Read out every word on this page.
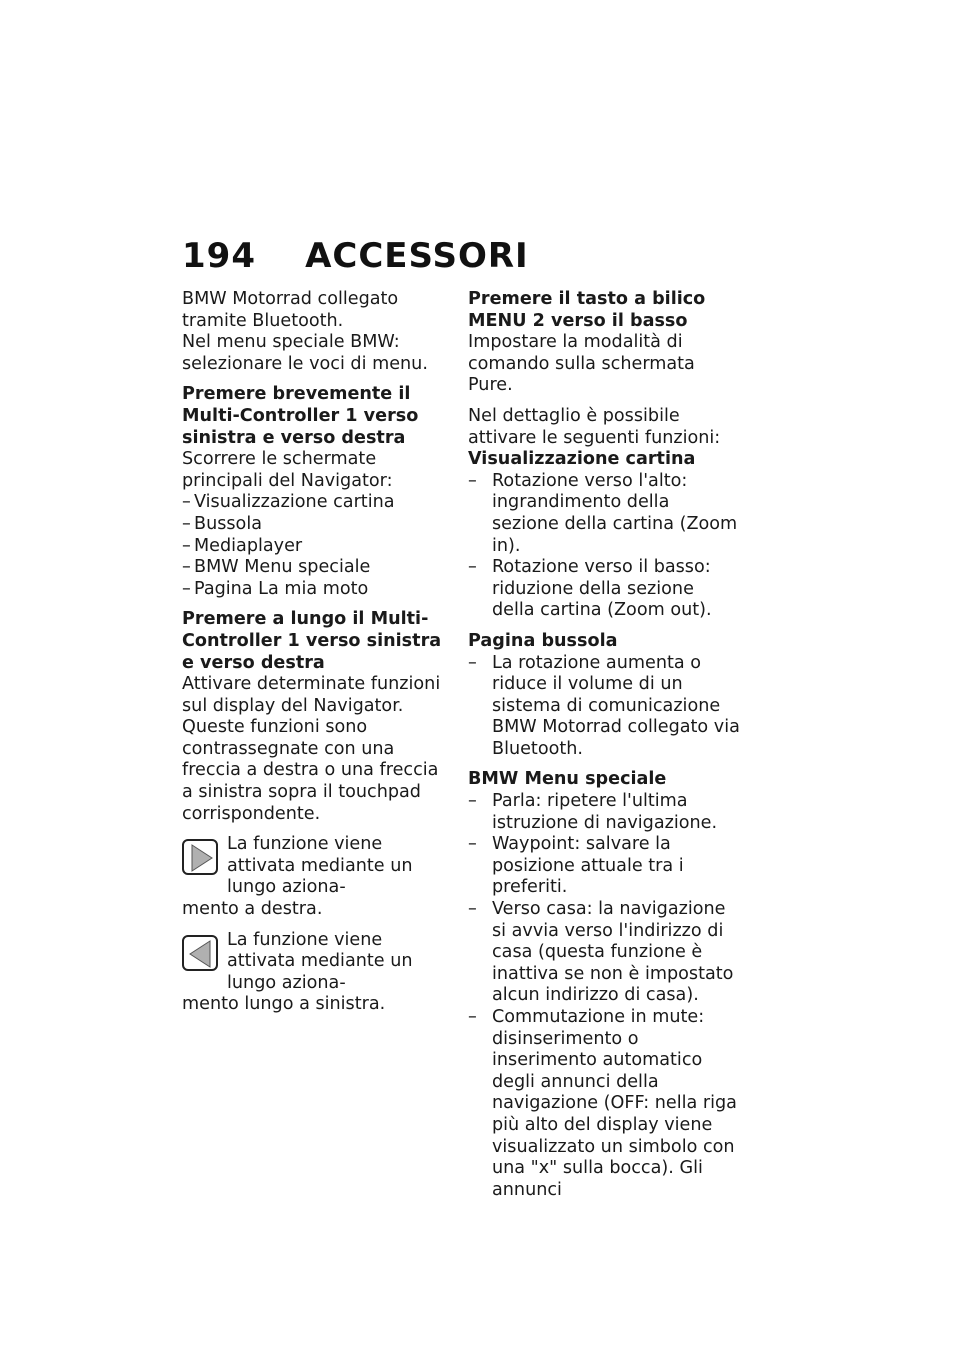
194 ACCESSORI

BMW Motorrad collegato tramite Bluetooth.

Nel menu speciale BMW: selezionare le voci di menu.

Premere brevemente il Multi-Controller 1 verso sinistra e verso destra

Scorrere le schermate principali del Navigator:

– Visualizzazione cartina
– Bussola
– Mediaplayer
– BMW Menu speciale
– Pagina La mia moto

Premere a lungo il Multi-Controller 1 verso sinistra e verso destra

Attivare determinate funzioni sul display del Navigator. Queste funzioni sono contrassegnate con una freccia a destra o una freccia a sinistra sopra il touchpad corrispondente.

La funzione viene attivata mediante un lungo aziona-

mento a destra.

La funzione viene attivata mediante un lungo aziona-

mento lungo a sinistra.

Premere il tasto a bilico MENU 2 verso il basso

Impostare la modalità di comando sulla schermata Pure.

Nel dettaglio è possibile attivare le seguenti funzioni:

Visualizzazione cartina

– Rotazione verso l'alto: ingrandimento della sezione della cartina (Zoom in).
– Rotazione verso il basso: riduzione della sezione della cartina (Zoom out).

Pagina bussola

– La rotazione aumenta o riduce il volume di un sistema di comunicazione BMW Motorrad collegato via Bluetooth.

BMW Menu speciale

– Parla: ripetere l'ultima istruzione di navigazione.
– Waypoint: salvare la posizione attuale tra i preferiti.
– Verso casa: la navigazione si avvia verso l'indirizzo di casa (questa funzione è inattiva se non è impostato alcun indirizzo di casa).
– Commutazione in mute: disinserimento o inserimento automatico degli annunci della navigazione (OFF: nella riga più alto del display viene visualizzato un simbolo con una "x" sulla bocca). Gli annunci
